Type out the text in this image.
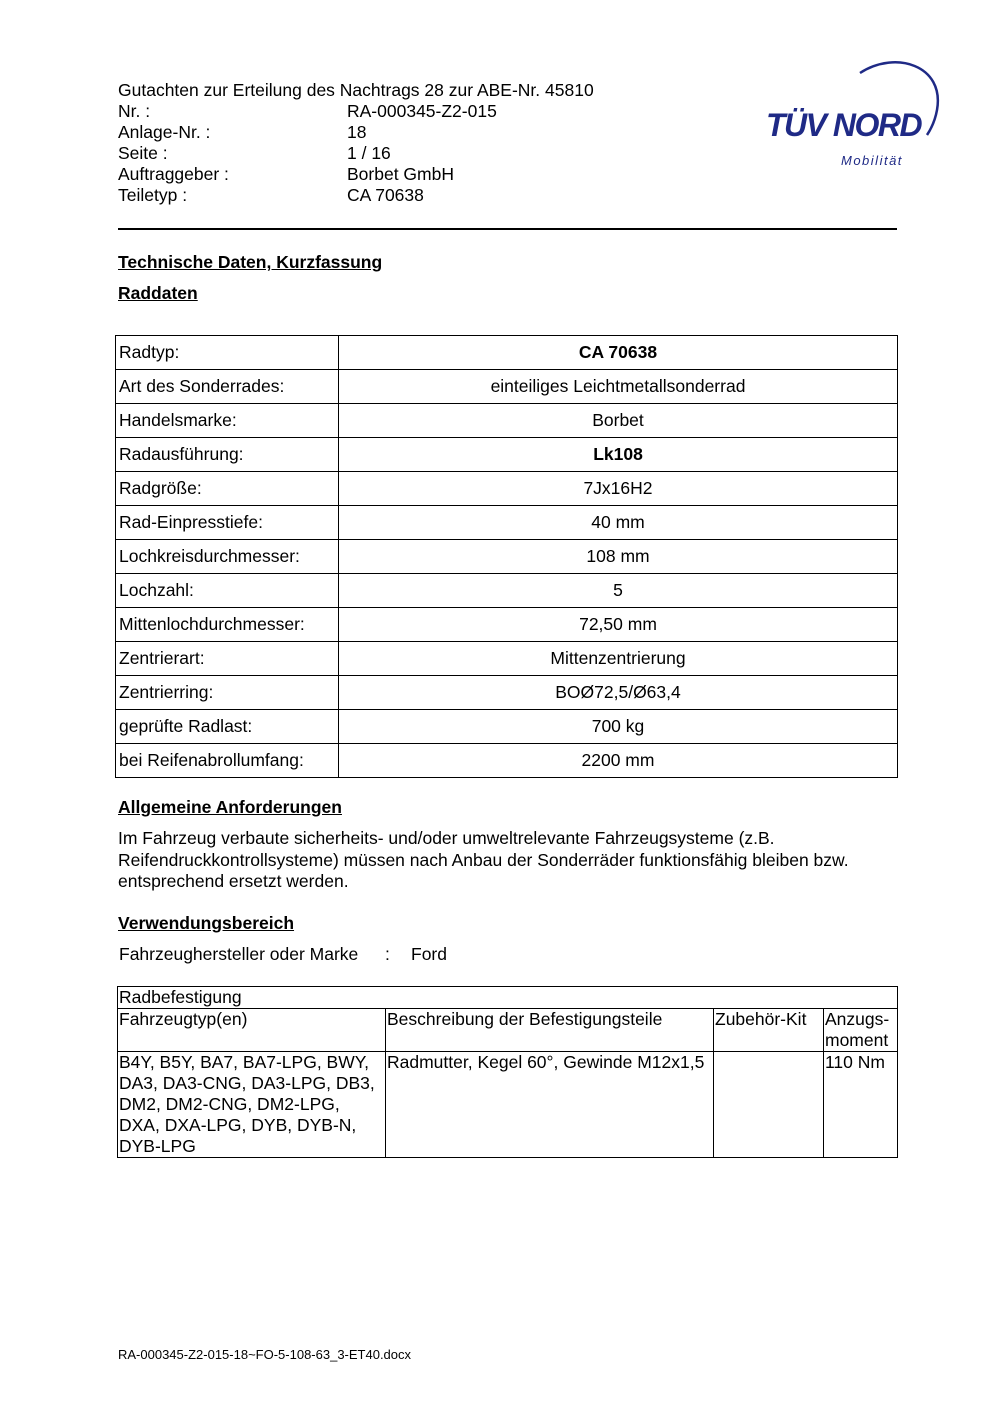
Gutachten zur Erteilung des Nachtrags 28 zur ABE-Nr. 45810
Nr. :	RA-000345-Z2-015
Anlage-Nr. :	18
Seite :	1 / 16
Auftraggeber :	Borbet GmbH
Teiletyp :	CA 70638
TÜV NORD
Mobilität
Technische Daten, Kurzfassung
Raddaten
Radtyp:	CA 70638
Art des Sonderrades:	einteiliges Leichtmetallsonderrad
Handelsmarke:	Borbet
Radausführung:	Lk108
Radgröße:	7Jx16H2
Rad-Einpresstiefe:	40 mm
Lochkreisdurchmesser:	108 mm
Lochzahl:	5
Mittenlochdurchmesser:	72,50 mm
Zentrierart:	Mittenzentrierung
Zentrierring:	BOØ72,5/Ø63,4
geprüfte Radlast:	700 kg
bei Reifenabrollumfang:	2200 mm
Allgemeine Anforderungen
Im Fahrzeug verbaute sicherheits- und/oder umweltrelevante Fahrzeugsysteme (z.B. Reifendruckkontrollsysteme) müssen nach Anbau der Sonderräder funktionsfähig bleiben bzw. entsprechend ersetzt werden.
Verwendungsbereich
Fahrzeughersteller oder Marke : Ford
Radbefestigung			
Fahrzeugtyp(en)	Beschreibung der Befestigungsteile	Zubehör-Kit	Anzugs-moment
B4Y, B5Y, BA7, BA7-LPG, BWY, DA3, DA3-CNG, DA3-LPG, DB3, DM2, DM2-CNG, DM2-LPG, DXA, DXA-LPG, DYB, DYB-N, DYB-LPG	Radmutter, Kegel 60°, Gewinde M12x1,5		110 Nm
RA-000345-Z2-015-18~FO-5-108-63_3-ET40.docx
